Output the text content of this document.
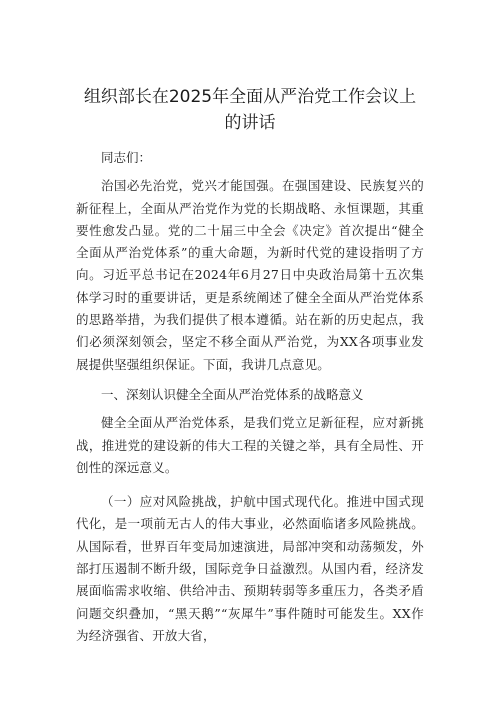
组织部长在2025年全面从严治党工作会议上的讲话

同志们：

治国必先治党，党兴才能国强。在强国建设、民族复兴的新征程上，全面从严治党作为党的长期战略、永恒课题，其重要性愈发凸显。党的二十届三中全会《决定》首次提出“健全全面从严治党体系”的重大命题，为新时代党的建设指明了方向。习近平总书记在2024年6月27日中央政治局第十五次集体学习时的重要讲话，更是系统阐述了健全全面从严治党体系的思路举措，为我们提供了根本遵循。站在新的历史起点，我们必须深刻领会，坚定不移全面从严治党，为XX各项事业发展提供坚强组织保证。下面，我讲几点意见。

一、深刻认识健全全面从严治党体系的战略意义

健全全面从严治党体系，是我们党立足新征程，应对新挑战，推进党的建设新的伟大工程的关键之举，具有全局性、开创性的深远意义。

（一）应对风险挑战，护航中国式现代化。推进中国式现代化，是一项前无古人的伟大事业，必然面临诸多风险挑战。从国际看，世界百年变局加速演进，局部冲突和动荡频发，外部打压遏制不断升级，国际竞争日益激烈。从国内看，经济发展面临需求收缩、供给冲击、预期转弱等多重压力，各类矛盾问题交织叠加，“黑天鹅”“灰犀牛”事件随时可能发生。XX作为经济强省、开放大省，
